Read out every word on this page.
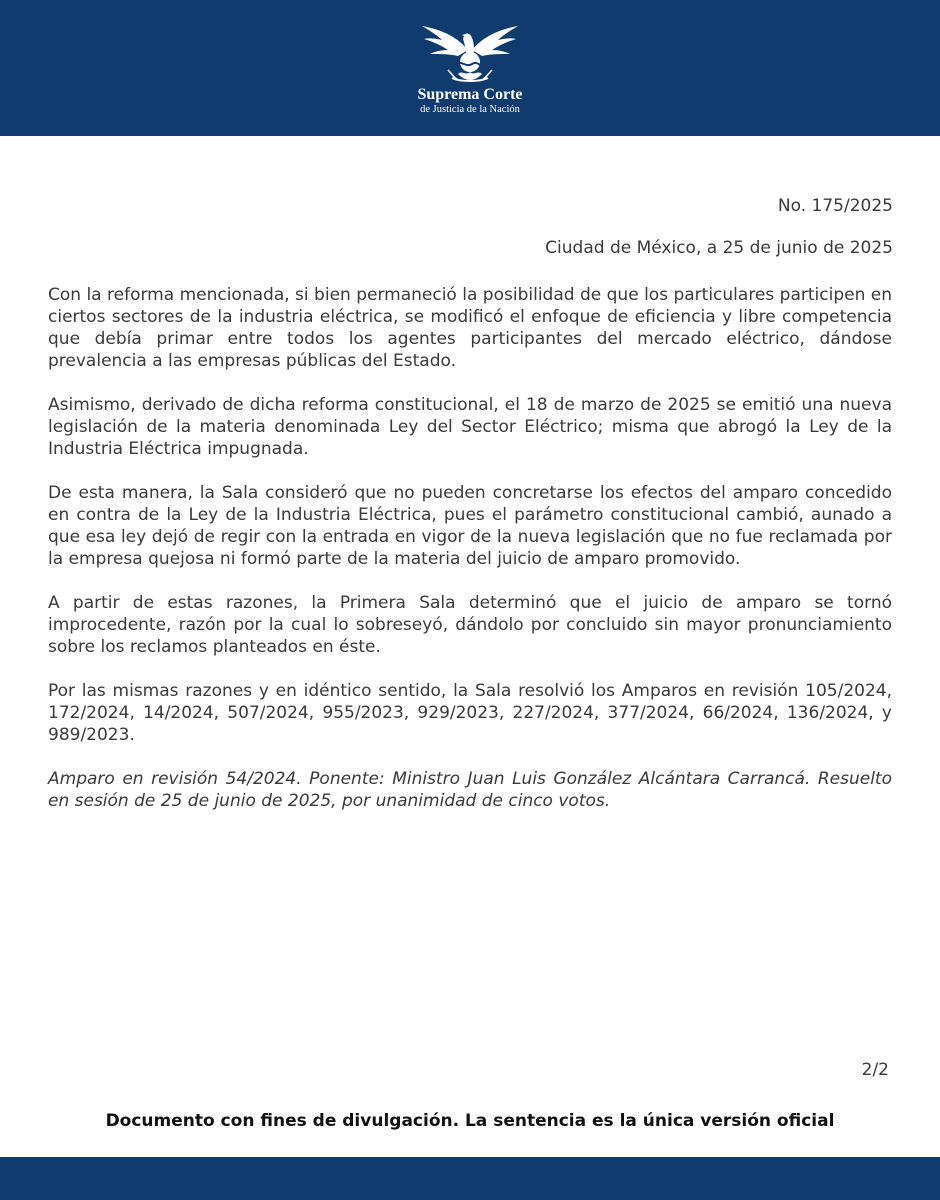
Suprema Corte
de Justicia de la Nación
No. 175/2025
Ciudad de México, a 25 de junio de 2025

Con la reforma mencionada, si bien permaneció la posibilidad de que los particulares participen en ciertos sectores de la industria eléctrica, se modificó el enfoque de eficiencia y libre competencia que debía primar entre todos los agentes participantes del mercado eléctrico, dándose prevalencia a las empresas públicas del Estado.

Asimismo, derivado de dicha reforma constitucional, el 18 de marzo de 2025 se emitió una nueva legislación de la materia denominada Ley del Sector Eléctrico; misma que abrogó la Ley de la Industria Eléctrica impugnada.

De esta manera, la Sala consideró que no pueden concretarse los efectos del amparo concedido en contra de la Ley de la Industria Eléctrica, pues el parámetro constitucional cambió, aunado a que esa ley dejó de regir con la entrada en vigor de la nueva legislación que no fue reclamada por la empresa quejosa ni formó parte de la materia del juicio de amparo promovido.

A partir de estas razones, la Primera Sala determinó que el juicio de amparo se tornó improcedente, razón por la cual lo sobreseyó, dándolo por concluido sin mayor pronunciamiento sobre los reclamos planteados en éste.

Por las mismas razones y en idéntico sentido, la Sala resolvió los Amparos en revisión 105/2024, 172/2024, 14/2024, 507/2024, 955/2023, 929/2023, 227/2024, 377/2024, 66/2024, 136/2024, y 989/2023.

Amparo en revisión 54/2024. Ponente: Ministro Juan Luis González Alcántara Carrancá. Resuelto en sesión de 25 de junio de 2025, por unanimidad de cinco votos.

2/2
Documento con fines de divulgación. La sentencia es la única versión oficial
